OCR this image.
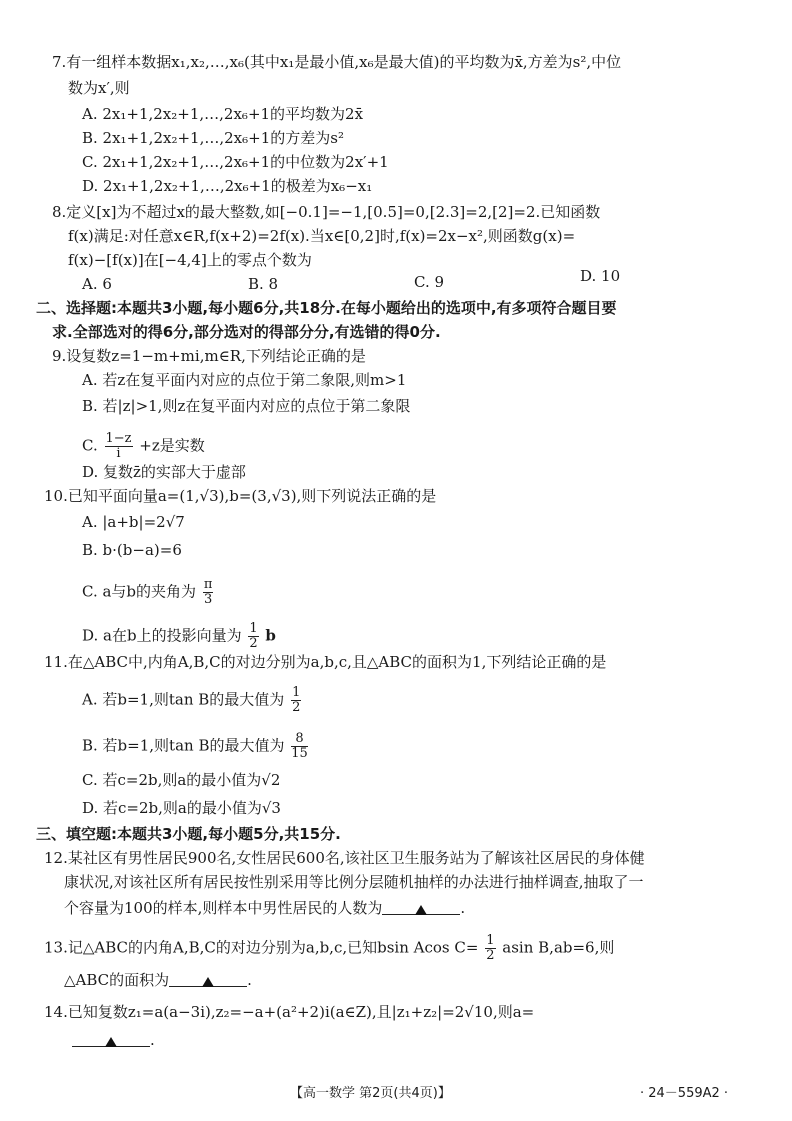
7.有一组样本数据x₁,x₂,…,x₆(其中x₁是最小值,x₆是最大值)的平均数为x̄,方差为s²,中位
数为x′,则
A. 2x₁+1,2x₂+1,…,2x₆+1的平均数为2x̄
B. 2x₁+1,2x₂+1,…,2x₆+1的方差为s²
C. 2x₁+1,2x₂+1,…,2x₆+1的中位数为2x′+1
D. 2x₁+1,2x₂+1,…,2x₆+1的极差为x₆−x₁
8.定义[x]为不超过x的最大整数,如[−0.1]=−1,[0.5]=0,[2.3]=2,[2]=2.已知函数
f(x)满足:对任意x∈R,f(x+2)=2f(x).当x∈[0,2]时,f(x)=2x−x²,则函数g(x)=
f(x)−[f(x)]在[−4,4]上的零点个数为
A. 6	B. 8	C. 9	D. 10
二、选择题:本题共3小题,每小题6分,共18分.在每小题给出的选项中,有多项符合题目要
求.全部选对的得6分,部分选对的得部分分,有选错的得0分.
9.设复数z=1−m+mi,m∈R,下列结论正确的是
A. 若z在复平面内对应的点位于第二象限,则m>1
B. 若|z|>1,则z在复平面内对应的点位于第二象限
C. $\frac{1-z}{i} +z$是实数
D. 复数z̄的实部大于虚部
10.已知平面向量a=(1,√3),b=(3,√3),则下列说法正确的是
A. |a+b|=2√7
B. b·(b−a)=6
C. a与b的夹角为 $\frac{\pi}{3}$
D. a在b上的投影向量为 $\frac{1}{2}$ b
11.在△ABC中,内角A,B,C的对边分别为a,b,c,且△ABC的面积为1,下列结论正确的是
A. 若b=1,则tan B的最大值为 $\frac{1}{2}$
B. 若b=1,则tan B的最大值为 $\frac{8}{15}$
C. 若c=2b,则a的最小值为√2
D. 若c=2b,则a的最小值为√3
三、填空题:本题共3小题,每小题5分,共15分.
12.某社区有男性居民900名,女性居民600名,该社区卫生服务站为了解该社区居民的身体健
康状况,对该社区所有居民按性别采用等比例分层随机抽样的办法进行抽样调查,抽取了一
个容量为100的样本,则样本中男性居民的人数为	.
13.记△ABC的内角A,B,C的对边分别为a,b,c,已知bsin Acos $C= \frac{1}{2}$ asin B,ab=6,则
△ABC的面积为	.
14.已知复数z₁=a(a−3i),z₂=−a+(a²+2)i(a∈Z),且|z₁+z₂|=2√10,则a=
.
【高一数学 第2页(共4页)】	· 24－559A2 ·
